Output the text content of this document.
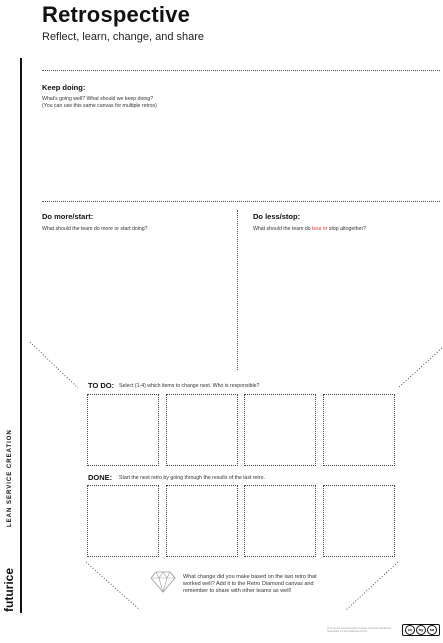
Retrospective
Reflect, learn, change, and share
futurice
LEAN SERVICE CREATION
Keep doing:
What's going well? What should we keep doing?
(You can use this same canvas for multiple retros)
Do more/start:
What should the team do more or start doing?
Do less/stop:
What should the team do less or stop altogether?
TO DO: Select (1-4) which items to change next. Who is responsible?
DONE: Start the next retro by going through the results of the last retro.
What change did you make based on the last retro that
worked well? Add it to the Retro Diamond canvas and
remember to share with other teams as well!
This canvas licensed under Creative Commons Attribution-ShareAlike 4.0 International License.	cc	by	sa
